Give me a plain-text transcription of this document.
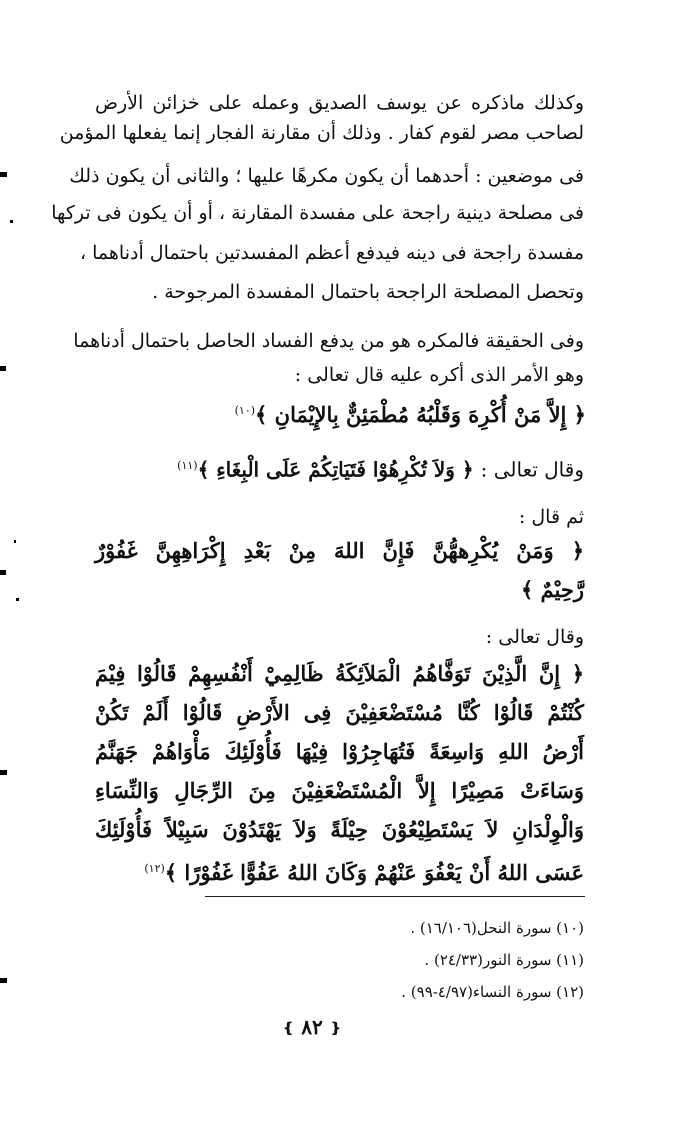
وكذلك ماذكره عن يوسف الصديق وعمله على خزائن الأرض
لصاحب مصر لقوم كفار . وذلك أن مقارنة الفجار إنما يفعلها المؤمن
فى موضعين : أحدهما أن يكون مكرهًا عليها ؛ والثانى أن يكون ذلك
فى مصلحة دينية راجحة على مفسدة المقارنة ، أو أن يكون فى تركها
مفسدة راجحة فى دينه فيدفع أعظم المفسدتين باحتمال أدناهما ،
وتحصل المصلحة الراجحة باحتمال المفسدة المرجوحة .
وفى الحقيقة فالمكره هو من يدفع الفساد الحاصل باحتمال أدناهما
وهو الأمر الذى أكره عليه قال تعالى :
﴿ إِلاَّ مَنْ أُكْرِهَ وَقَلْبُهُ مُطْمَئِنٌّ بِالإِيْمَانِ ﴾$^{(١٠)}$
وقال تعالى : ﴿ وَلاَ تُكْرِهُوْا فَتَيَاتِكُمْ عَلَى الْبِغَاءِ ﴾$^{(١١)}$
ثم قال :
﴿ وَمَنْ يُكْرِههُّنَّ فَإِنَّ اللهَ مِنْ بَعْدِ إِكْرَاهِهِنَّ غَفُوْرٌ
رَّحِيْمٌ ﴾
وقال تعالى :
﴿ إِنَّ الَّذِيْنَ تَوَفَّاهُمُ الْمَلاَئِكَةُ ظَالِمِيْ أَنْفُسِهِمْ قَالُوْا فِيْمَ
كُنْتُمْ قَالُوْا كُنَّا مُسْتَضْعَفِيْنَ فِى الأَرْضِ قَالُوْا أَلَمْ تَكُنْ
أَرْضُ اللهِ وَاسِعَةً فَتُهَاجِرُوْا فِيْهَا فَأُوْلَئِكَ مَأْوَاهُمْ جَهَنَّمُ
وَسَاءَتْ مَصِيْرًا إِلاَّ الْمُسْتَضْعَفِيْنَ مِنَ الرِّجَالِ وَالنِّسَاءِ
وَالْوِلْدَانِ لاَ يَسْتَطِيْعُوْنَ حِيْلَةً وَلاَ يَهْتَدُوْنَ سَبِيْلاً فَأُوْلَئِكَ
عَسَى اللهُ أَنْ يَعْفُوَ عَنْهُمْ وَكَانَ اللهُ عَفُوًّا غَفُوْرًا ﴾$^{(١٢)}$
(١٠) سورة النحل(١٦/١٠٦) .
(١١) سورة النور(٢٤/٣٣) .
(١٢) سورة النساء(٤/٩٧-٩٩) .
❴ ٨٢ ❵
